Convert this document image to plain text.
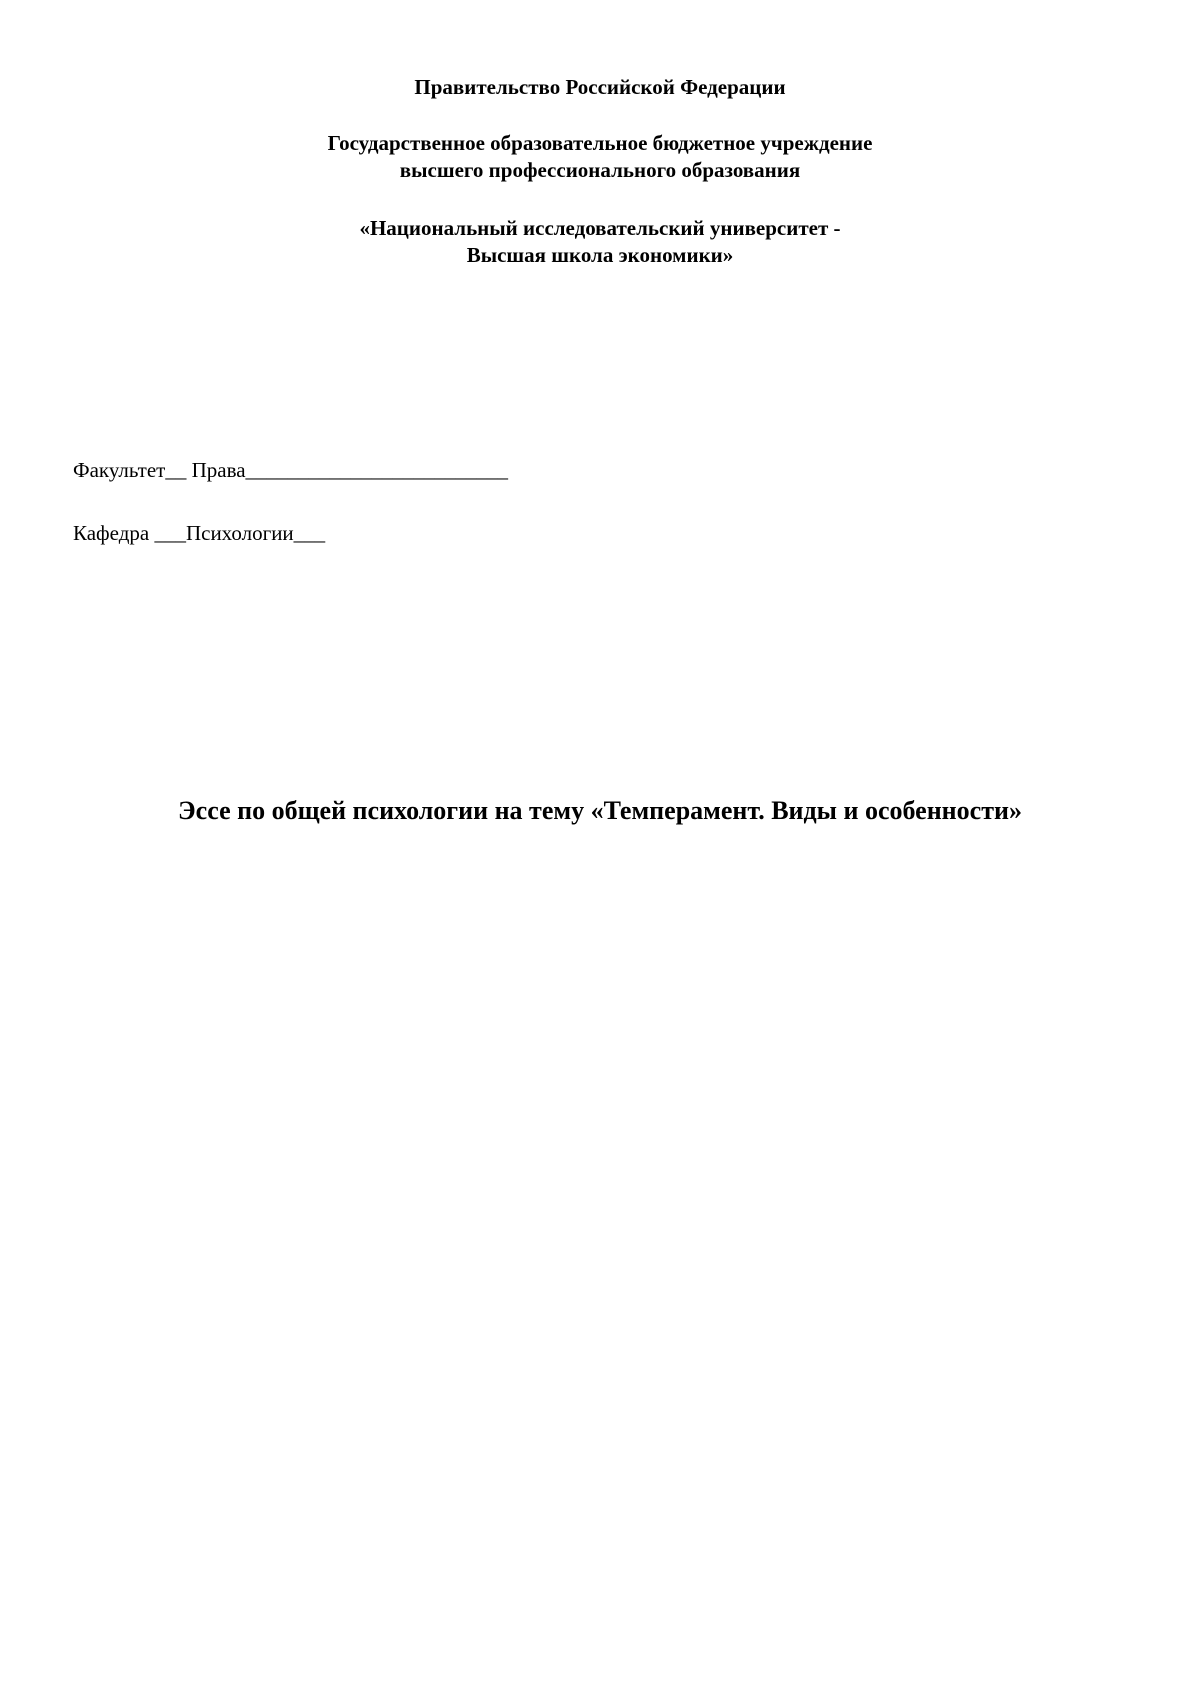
Правительство Российской Федерации
Государственное образовательное бюджетное учреждение
высшего профессионального образования
«Национальный исследовательский университет -
Высшая школа экономики»
Факультет__ Права_________________________
Кафедра ___Психологии___
Эссе по общей психологии на тему «Темперамент. Виды и особенности»
